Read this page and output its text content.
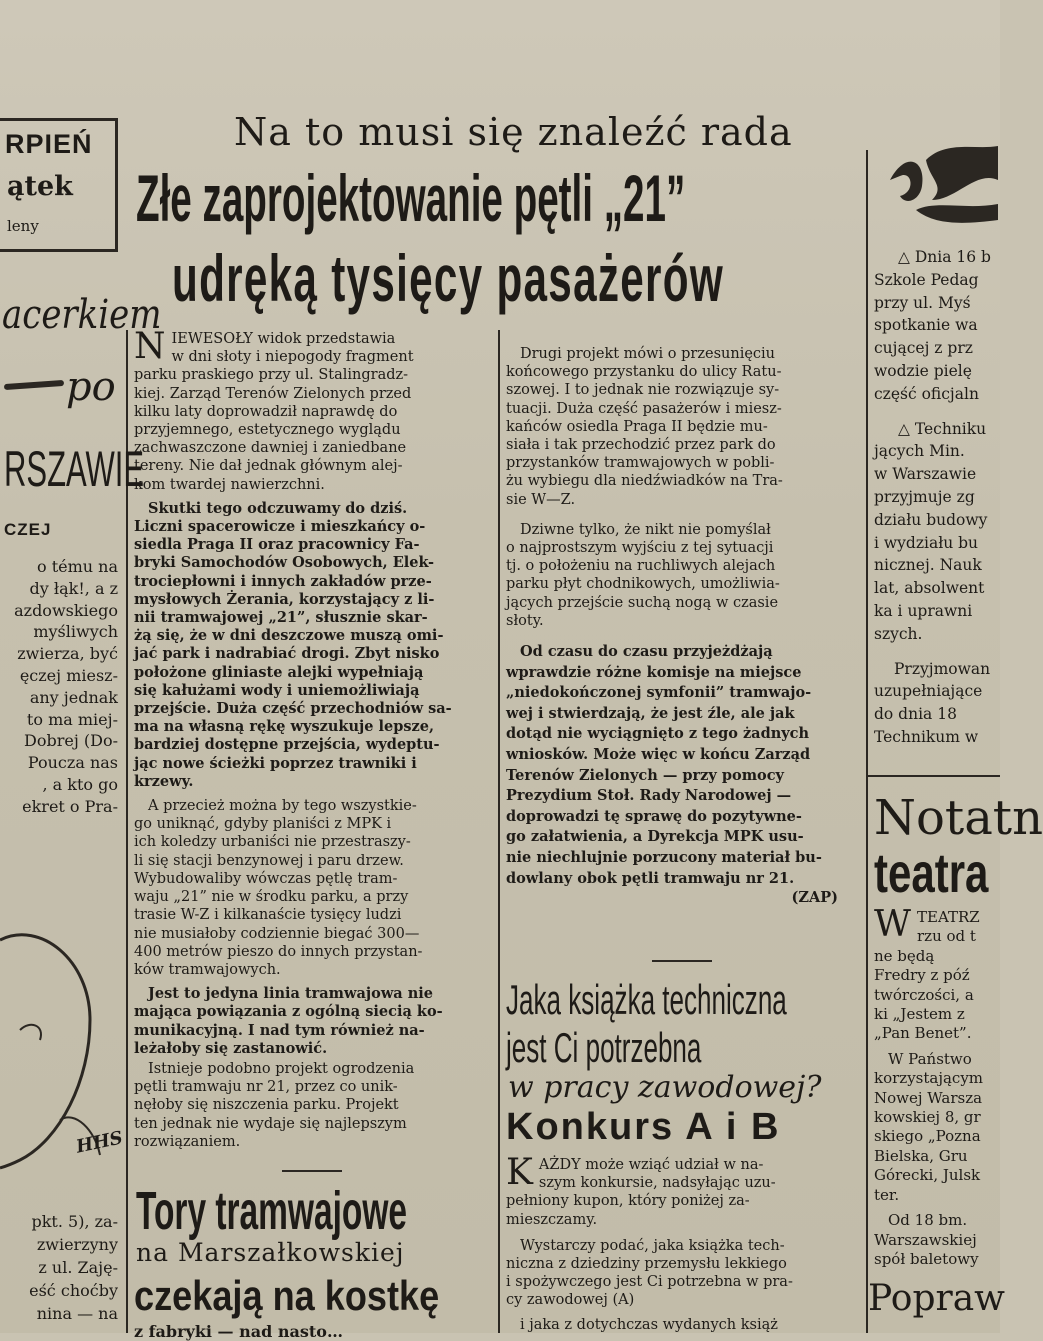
RPIEŃ
ątek
leny
acerkiem
po
RSZAWIE
CZEJ
o tému na
dy łąk!, a z
azdowskiego
myśliwych
zwierza, być
ęczej miesz-
any jednak
to ma miej-
Dobrej (Do-
Poucza nas
, a kto go
ekret o Pra-
HHS
pkt. 5), za-
zwierzyny
z ul. Zaję-
eść choćby
nina — na
Na to musi się znaleźć rada
Złe zaprojektowanie pętli „21”
udręką tysięcy pasażerów
N IEWESOŁY widok przedstawia
w dni słoty i niepogody fragment
parku praskiego przy ul. Stalingradz-
kiej. Zarząd Terenów Zielonych przed
kilku laty doprowadził naprawdę do
przyjemnego, estetycznego wyglądu
zachwaszczone dawniej i zaniedbane
tereny. Nie dał jednak głównym alej-
kom twardej nawierzchni.
Skutki tego odczuwamy do dziś.
Liczni spacerowicze i mieszkańcy o-
siedla Praga II oraz pracownicy Fa-
bryki Samochodów Osobowych, Elek-
trociepłowni i innych zakładów prze-
mysłowych Żerania, korzystający z li-
nii tramwajowej „21”, słusznie skar-
żą się, że w dni deszczowe muszą omi-
jać park i nadrabiać drogi. Zbyt nisko
położone gliniaste alejki wypełniają
się kałużami wody i uniemożliwiają
przejście. Duża część przechodniów sa-
ma na własną rękę wyszukuje lepsze,
bardziej dostępne przejścia, wydeptu-
jąc nowe ścieżki poprzez trawniki i
krzewy.
A przecież można by tego wszystkie-
go uniknąć, gdyby planiści z MPK i
ich koledzy urbaniści nie przestraszy-
li się stacji benzynowej i paru drzew.
Wybudowaliby wówczas pętlę tram-
waju „21” nie w środku parku, a przy
trasie W-Z i kilkanaście tysięcy ludzi
nie musiałoby codziennie biegać 300—
400 metrów pieszo do innych przystan-
ków tramwajowych.
Jest to jedyna linia tramwajowa nie
mająca powiązania z ogólną siecią ko-
munikacyjną. I nad tym również na-
leżałoby się zastanowić.
Istnieje podobno projekt ogrodzenia
pętli tramwaju nr 21, przez co unik-
nęłoby się niszczenia parku. Projekt
ten jednak nie wydaje się najlepszym
rozwiązaniem.
Drugi projekt mówi o przesunięciu
końcowego przystanku do ulicy Ratu-
szowej. I to jednak nie rozwiązuje sy-
tuacji. Duża część pasażerów i miesz-
kańców osiedla Praga II będzie mu-
siała i tak przechodzić przez park do
przystanków tramwajowych w pobli-
żu wybiegu dla niedźwiadków na Tra-
sie W—Z.
Dziwne tylko, że nikt nie pomyślał
o najprostszym wyjściu z tej sytuacji
tj. o położeniu na ruchliwych alejach
parku płyt chodnikowych, umożliwia-
jących przejście suchą nogą w czasie
słoty.
Od czasu do czasu przyjeżdżają
wprawdzie różne komisje na miejsce
„niedokończonej symfonii” tramwajo-
wej i stwierdzają, że jest źle, ale jak
dotąd nie wyciągnięto z tego żadnych
wniosków. Może więc w końcu Zarząd
Terenów Zielonych — przy pomocy
Prezydium Stoł. Rady Narodowej —
doprowadzi tę sprawę do pozytywne-
go załatwienia, a Dyrekcja MPK usu-
nie niechlujnie porzucony materiał bu-
dowlany obok pętli tramwaju nr 21.
(ZAP)
Tory tramwajowe
na Marszałkowskiej
czekają na kostkę
z fabryki — nad nasto…
Jaka książka techniczna
jest Ci potrzebna
w pracy zawodowej?
Konkurs A i B
K AŻDY może wziąć udział w na-
szym konkursie, nadsyłając uzu-
pełniony kupon, który poniżej za-
mieszczamy.
Wystarczy podać, jaka książka tech-
niczna z dziedziny przemysłu lekkiego
i spożywczego jest Ci potrzebna w pra-
cy zawodowej (A)
i jaka z dotychczas wydanych książ
△ Dnia 16 b
Szkole Pedag
przy ul. Myś
spotkanie wa
cującej z prz
wodzie pielę
część oficjaln
△ Techniku
jących Min.
w Warszawie
przyjmuje zg
działu budowy
i wydziału bu
nicznej. Nauk
lat, absolwent
ka i uprawni
szych.
Przyjmowan
uzupełniające
do dnia 18
Technikum w
Notatn
teatra
W TEATRZ
rzu od t
ne będą
Fredry z póź
twórczości, a
ki „Jestem z
„Pan Benet”.
W Państwo
korzystającym
Nowej Warsza
kowskiej 8, gr
skiego „Pozna
Bielska, Gru
Górecki, Julsk
ter.
Od 18 bm.
Warszawskiej
spół baletowy
Popraw
